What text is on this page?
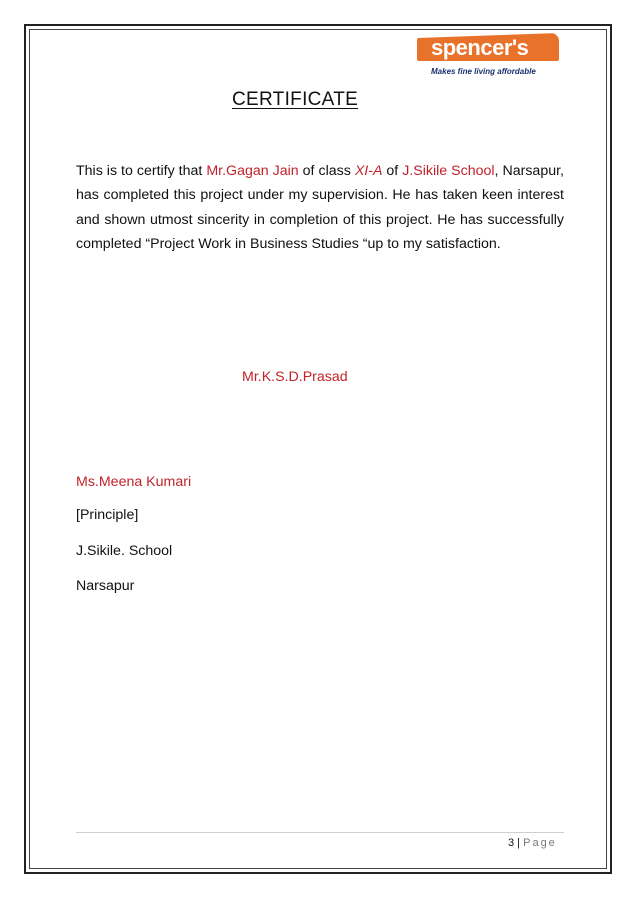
spencer's
Makes fine living affordable
CERTIFICATE
This is to certify that Mr.Gagan Jain of class XI-A of J.Sikile School, Narsapur, has completed this project under my supervision. He has taken keen interest and shown utmost sincerity in completion of this project. He has successfully completed “Project Work in Business Studies “up to my satisfaction.
Mr.K.S.D.Prasad
Ms.Meena Kumari
[Principle]
J.Sikile. School
Narsapur
3 | Page
